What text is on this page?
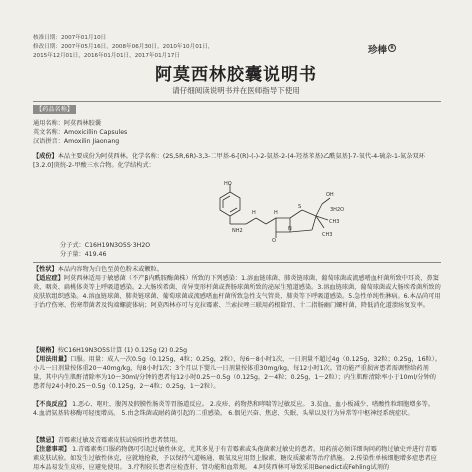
核准日期：2007年01月10日
修改日期：2007年05月16日，2008年06月30日，2010年10月01日，
2015年12月01日，2016年01月01日，2017年01月17日	珍棒 R
阿莫西林胶囊说明书
请仔细阅读说明书并在医师指导下使用
【药品名称】

通用名称：阿莫西林胶囊

英文名称：Amoxicillin Capsules

汉语拼音：Amoxilin Jiaonang

【成份】本品主要成份为阿莫西林。化学名称：(2S,5R,6R)-3,3-二甲基-6-[(R)-(-)-2-氨基-2-(4-羟基苯基)乙酰氨基]-7-氧代-4-硫杂-1-氮杂双环[3.2.0]庚烷-2-甲酸三水合物。化学结构式：
HO
NH2
H	H
N
S
O
OH
CH3
CH3
3H2O
分子式：C16H19N3O5S·3H2O
分子量：419.46
【性状】本品内容物为白色至黄色粉末或颗粒。
【适应症】阿莫西林适用于敏感菌（不产β内酰胺酶菌株）所致的下列感染：1.溶血链球菌、肺炎链球菌、葡萄球菌或流感嗜血杆菌所致中耳炎、鼻窦炎、咽炎、扁桃体炎等上呼吸道感染。2.大肠埃希菌、奇异变形杆菌或粪肠球菌所致的泌尿生殖道感染。3.溶血链球菌、葡萄球菌或大肠埃希菌所致的皮肤软组织感染。4.溶血链球菌、肺炎链球菌、葡萄球菌或流感嗜血杆菌所致急性支气管炎、肺炎等下呼吸道感染。5.急性单纯性淋病。6.本品尚可用于治疗伤寒、伤寒带菌者及钩端螺旋体病；阿莫西林亦可与克拉霉素、兰索拉唑三联用药根除胃、十二指肠幽门螺杆菌，降低消化道溃疡复发率。
【规格】按C16H19N3O5S计算 (1) 0.125g (2) 0.25g
【用法用量】口服。用量：成人一次0.5g（0.125g，4粒；0.25g，2粒），每6～8小时1次，一日剂量不超过4g（0.125g，32粒；0.25g，16粒）。小儿一日剂量按体重20～40mg/kg，每8小时1次；3个月以下婴儿一日剂量按体重30mg/kg，每12小时1次。肾功能严重损害患者需调整给药剂量，其中内生肌酐清除率为10～30ml/分钟的患者每12小时0.25～0.5g（0.125g，2～4粒；0.25g，1～2粒）；内生肌酐清除率小于10ml/分钟的患者每24小时0.25～0.5g（0.125g，2～4粒；0.25g，1～2粒）。
【不良反应】 1.恶心、呕吐、腹泻及假膜性肠炎等胃肠道反应。 2.皮疹、药物热和哮喘等过敏反应。 3.贫血、血小板减少、嗜酸性粒细胞增多等。 4.血清氨基转移酶可轻度增高。 5.由念珠菌或耐药菌引起的二重感染。 6.偶见兴奋、焦虑、失眠、头晕以及行为异常等中枢神经系统症状。
【禁忌】青霉素过敏及青霉素皮肤试验阳性患者禁用。
【注意事项】 1.青霉素类口服药物偶可引起过敏性休克，尤其多见于有青霉素或头孢菌素过敏史的患者。用药前必须详细询问药物过敏史并进行青霉素皮肤试验。如发生过敏性休克，应就地抢救，予以保持气道畅通、吸氧及应用肾上腺素、糖皮质激素等治疗措施。 2.传染性单核细胞增多症患者应用本品易发生皮疹，应避免使用。 3.疗程较长患者应检查肝、肾功能和血常规。 4.阿莫西林可导致采用Benedict或Fehling试剂的
